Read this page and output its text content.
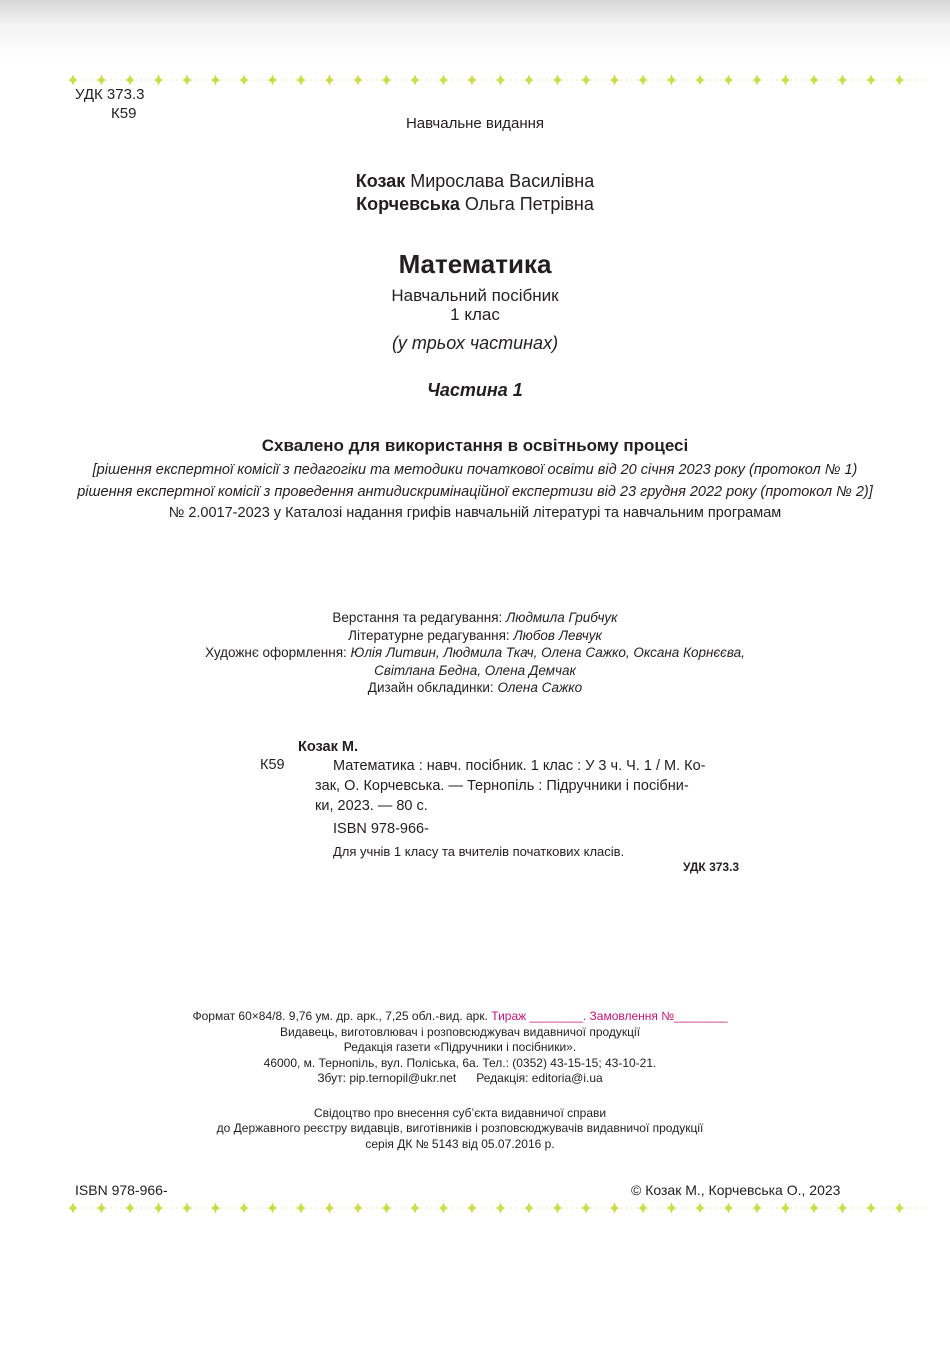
УДК 373.3
К59
Навчальне видання
Козак Мирослава Василівна
Корчевська Ольга Петрівна
Математика
Навчальний посібник
1 клас
(у трьох частинах)
Частина 1
Схвалено для використання в освітньому процесі
[рішення експертної комісії з педагогіки та методики початкової освіти від 20 січня 2023 року (протокол № 1)
рішення експертної комісії з проведення антидискримінаційної експертизи від 23 грудня 2022 року (протокол № 2)]
№ 2.0017-2023 у Каталозі надання грифів навчальній літературі та навчальним програмам
Верстання та редагування: Людмила Грибчук
Літературне редагування: Любов Левчук
Художнє оформлення: Юлія Литвин, Людмила Ткач, Олена Сажко, Оксана Корнєєва,
Світлана Бедна, Олена Демчак
Дизайн обкладинки: Олена Сажко
Козак М.
К59	Математика : навч. посібник. 1 клас : У 3 ч. Ч. 1 / М. Ко-
зак, О. Корчевська. — Тернопіль : Підручники і посібни-
ки, 2023. — 80 с.
ISBN 978-966-
Для учнів 1 класу та вчителів початкових класів.
УДК 373.3
Формат 60×84/8. 9,76 ум. др. арк., 7,25 обл.-вид. арк. Тираж ________. Замовлення №________
Видавець, виготовлювач і розповсюджувач видавничої продукції
Редакція газети «Підручники і посібники».
46000, м. Тернопіль, вул. Поліська, 6а. Тел.: (0352) 43-15-15; 43-10-21.
Збут: pip.ternopil@ukr.net Редакція: editoria@i.ua
Свідоцтво про внесення суб’єкта видавничої справи
до Державного реєстру видавців, виготівників і розповсюджувачів видавничої продукції
серія ДК № 5143 від 05.07.2016 р.
ISBN 978-966-	© Козак М., Корчевська О., 2023
